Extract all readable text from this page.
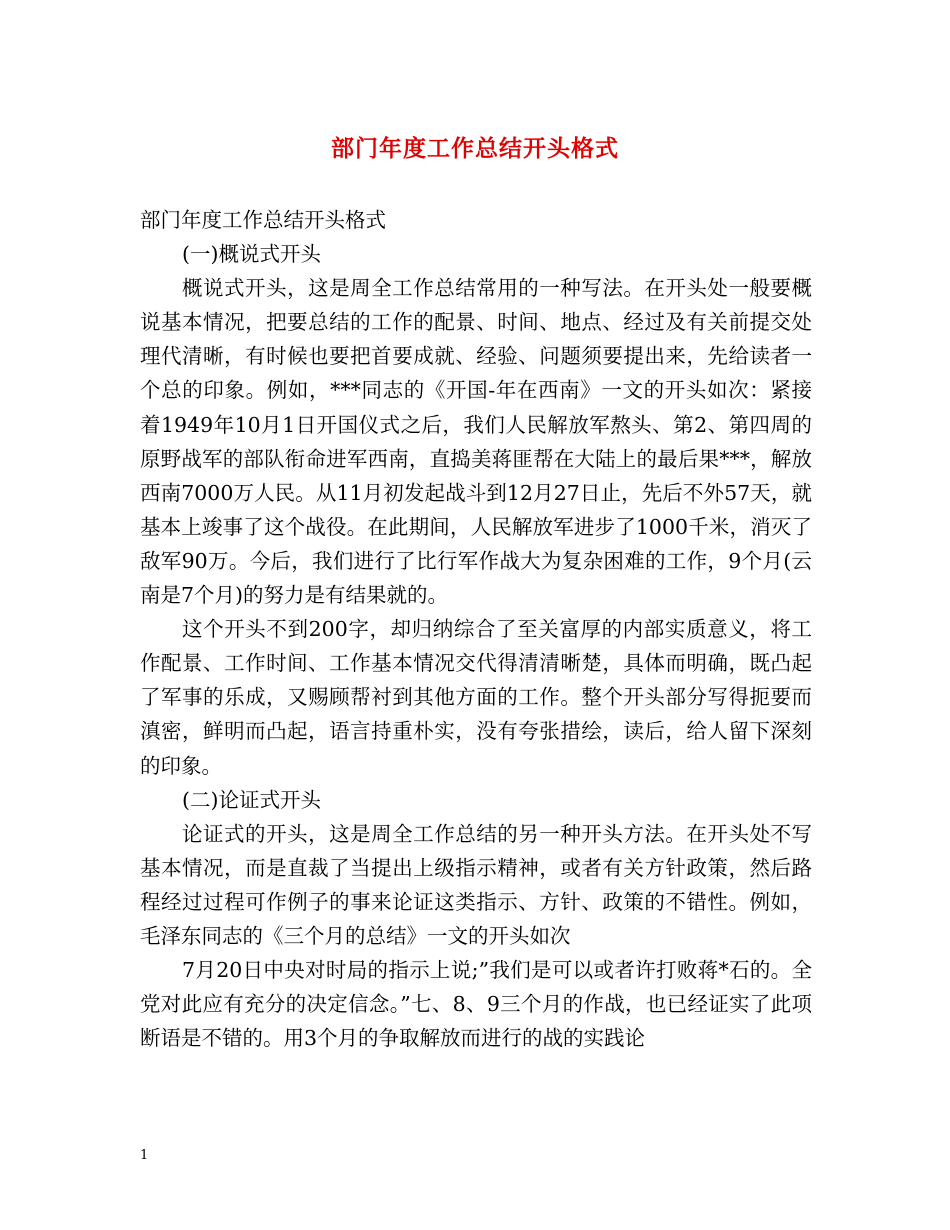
部门年度工作总结开头格式

部门年度工作总结开头格式

(一)概说式开头

概说式开头，这是周全工作总结常用的一种写法。在开头处一般要概说基本情况，把要总结的工作的配景、时间、地点、经过及有关前提交处理代清晰，有时候也要把首要成就、经验、问题须要提出来，先给读者一个总的印象。例如，***同志的《开国-年在西南》一文的开头如次：紧接着1949年10月1日开国仪式之后，我们人民解放军熬头、第2、第四周的原野战军的部队衔命进军西南，直捣美蒋匪帮在大陆上的最后果***，解放西南7000万人民。从11月初发起战斗到12月27日止，先后不外57天，就基本上竣事了这个战役。在此期间，人民解放军进步了1000千米，消灭了敌军90万。今后，我们进行了比行军作战大为复杂困难的工作，9个月(云南是7个月)的努力是有结果就的。

这个开头不到200字，却归纳综合了至关富厚的内部实质意义，将工作配景、工作时间、工作基本情况交代得清清晰楚，具体而明确，既凸起了军事的乐成，又赐顾帮衬到其他方面的工作。整个开头部分写得扼要而滇密，鲜明而凸起，语言持重朴实，没有夸张措绘，读后，给人留下深刻的印象。

(二)论证式开头

论证式的开头，这是周全工作总结的另一种开头方法。在开头处不写基本情况，而是直裁了当提出上级指示精神，或者有关方针政策，然后路程经过过程可作例子的事来论证这类指示、方针、政策的不错性。例如，毛泽东同志的《三个月的总结》一文的开头如次

7月20日中央对时局的指示上说;”我们是可以或者许打败蒋*石的。全党对此应有充分的决定信念。”七、8、9三个月的作战，也已经证实了此项断语是不错的。用3个月的争取解放而进行的战的实践论

1
